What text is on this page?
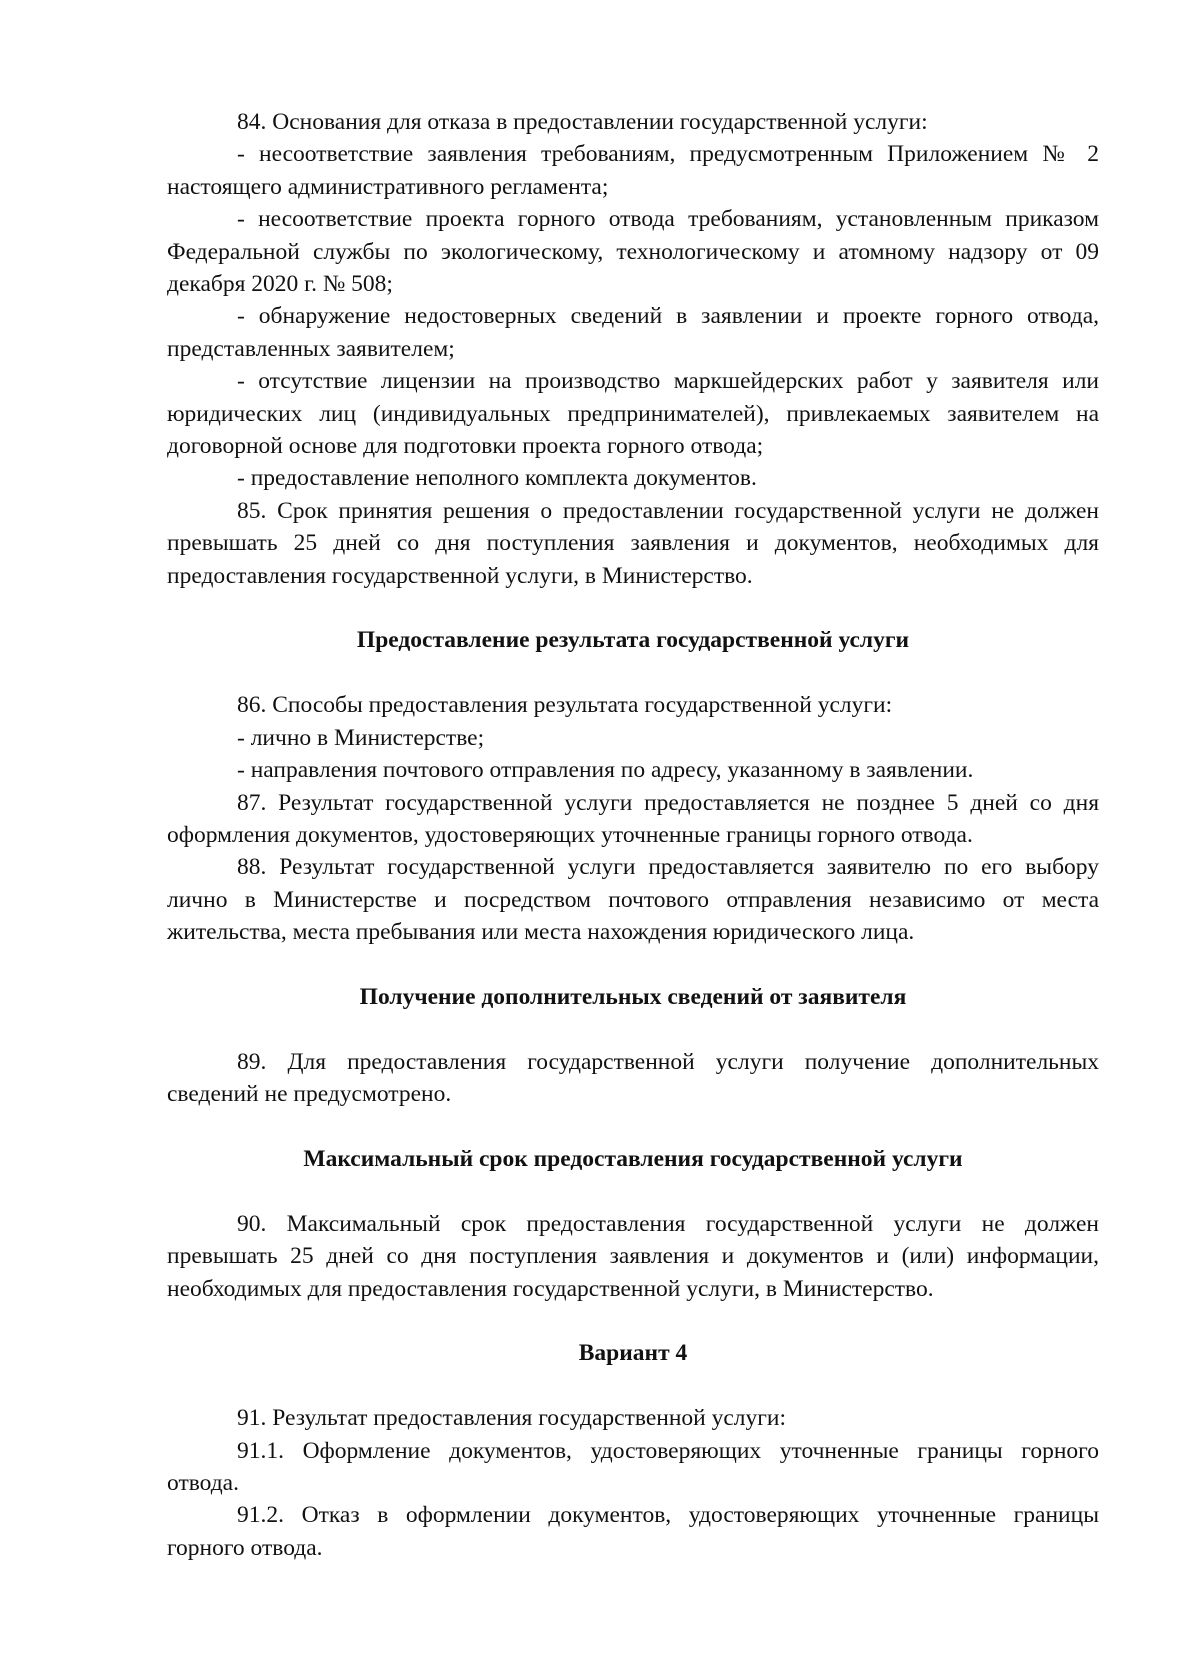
84. Основания для отказа в предоставлении государственной услуги:

- несоответствие заявления требованиям, предусмотренным Приложением № 2 настоящего административного регламента;

- несоответствие проекта горного отвода требованиям, установленным приказом Федеральной службы по экологическому, технологическому и атомному надзору от 09 декабря 2020 г. № 508;

- обнаружение недостоверных сведений в заявлении и проекте горного отвода, представленных заявителем;

- отсутствие лицензии на производство маркшейдерских работ у заявителя или юридических лиц (индивидуальных предпринимателей), привлекаемых заявителем на договорной основе для подготовки проекта горного отвода;

- предоставление неполного комплекта документов.

85. Срок принятия решения о предоставлении государственной услуги не должен превышать 25 дней со дня поступления заявления и документов, необходимых для предоставления государственной услуги, в Министерство.

Предоставление результата государственной услуги

86. Способы предоставления результата государственной услуги:

- лично в Министерстве;

- направления почтового отправления по адресу, указанному в заявлении.

87. Результат государственной услуги предоставляется не позднее 5 дней со дня оформления документов, удостоверяющих уточненные границы горного отвода.

88. Результат государственной услуги предоставляется заявителю по его выбору лично в Министерстве и посредством почтового отправления независимо от места жительства, места пребывания или места нахождения юридического лица.

Получение дополнительных сведений от заявителя

89. Для предоставления государственной услуги получение дополнительных сведений не предусмотрено.

Максимальный срок предоставления государственной услуги

90. Максимальный срок предоставления государственной услуги не должен превышать 25 дней со дня поступления заявления и документов и (или) информации, необходимых для предоставления государственной услуги, в Министерство.

Вариант 4

91. Результат предоставления государственной услуги:

91.1. Оформление документов, удостоверяющих уточненные границы горного отвода.

91.2. Отказ в оформлении документов, удостоверяющих уточненные границы горного отвода.
